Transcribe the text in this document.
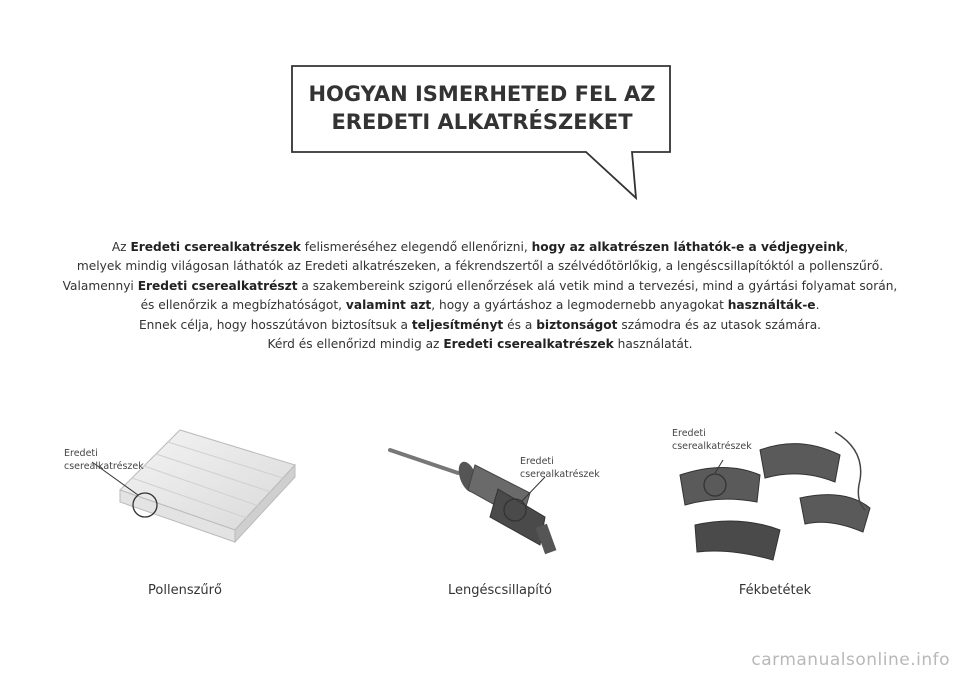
HOGYAN ISMERHETED FEL AZ
EREDETI ALKATRÉSZEKET

Az Eredeti cserealkatrészek felismeréséhez elegendő ellenőrizni, hogy az alkatrészen láthatók-e a védjegyeink,

melyek mindig világosan láthatók az Eredeti alkatrészeken, a fékrendszertől a szélvédőtörlőkig, a lengéscsillapítóktól a pollenszűrő.

Valamennyi Eredeti cserealkatrészt a szakembereink szigorú ellenőrzések alá vetik mind a tervezési, mind a gyártási folyamat során,

és ellenőrzik a megbízhatóságot, valamint azt, hogy a gyártáshoz a legmodernebb anyagokat használták-e.

Ennek célja, hogy hosszútávon biztosítsuk a teljesítményt és a biztonságot számodra és az utasok számára.

Kérd és ellenőrizd mindig az Eredeti cserealkatrészek használatát.

Eredeti
cserealkatrészek	Eredeti
cserealkatrészek
Eredeti
cserealkatrészek
Pollenszűrő	Lengéscsillapító	Fékbetétek
carmanualsonline.info
